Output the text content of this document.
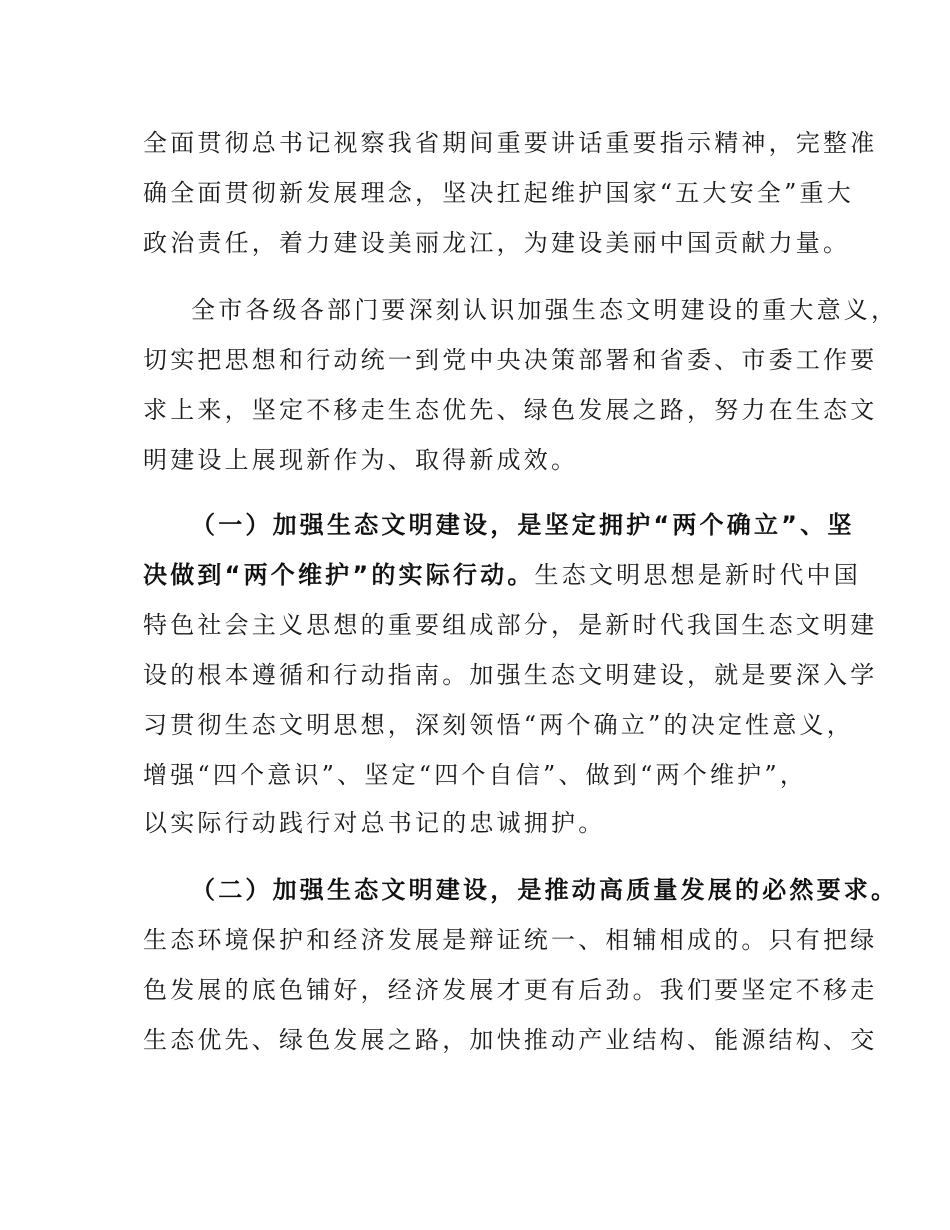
全面贯彻总书记视察我省期间重要讲话重要指示精神，完整准
确全面贯彻新发展理念，坚决扛起维护国家“五大安全”重大
政治责任，着力建设美丽龙江，为建设美丽中国贡献力量。
全市各级各部门要深刻认识加强生态文明建设的重大意义，
切实把思想和行动统一到党中央决策部署和省委、市委工作要
求上来，坚定不移走生态优先、绿色发展之路，努力在生态文
明建设上展现新作为、取得新成效。
（一）加强生态文明建设，是坚定拥护“两个确立”、坚
决做到“两个维护”的实际行动。生态文明思想是新时代中国
特色社会主义思想的重要组成部分，是新时代我国生态文明建
设的根本遵循和行动指南。加强生态文明建设，就是要深入学
习贯彻生态文明思想，深刻领悟“两个确立”的决定性意义，
增强“四个意识”、坚定“四个自信”、做到“两个维护”，
以实际行动践行对总书记的忠诚拥护。
（二）加强生态文明建设，是推动高质量发展的必然要求。
生态环境保护和经济发展是辩证统一、相辅相成的。只有把绿
色发展的底色铺好，经济发展才更有后劲。我们要坚定不移走
生态优先、绿色发展之路，加快推动产业结构、能源结构、交
